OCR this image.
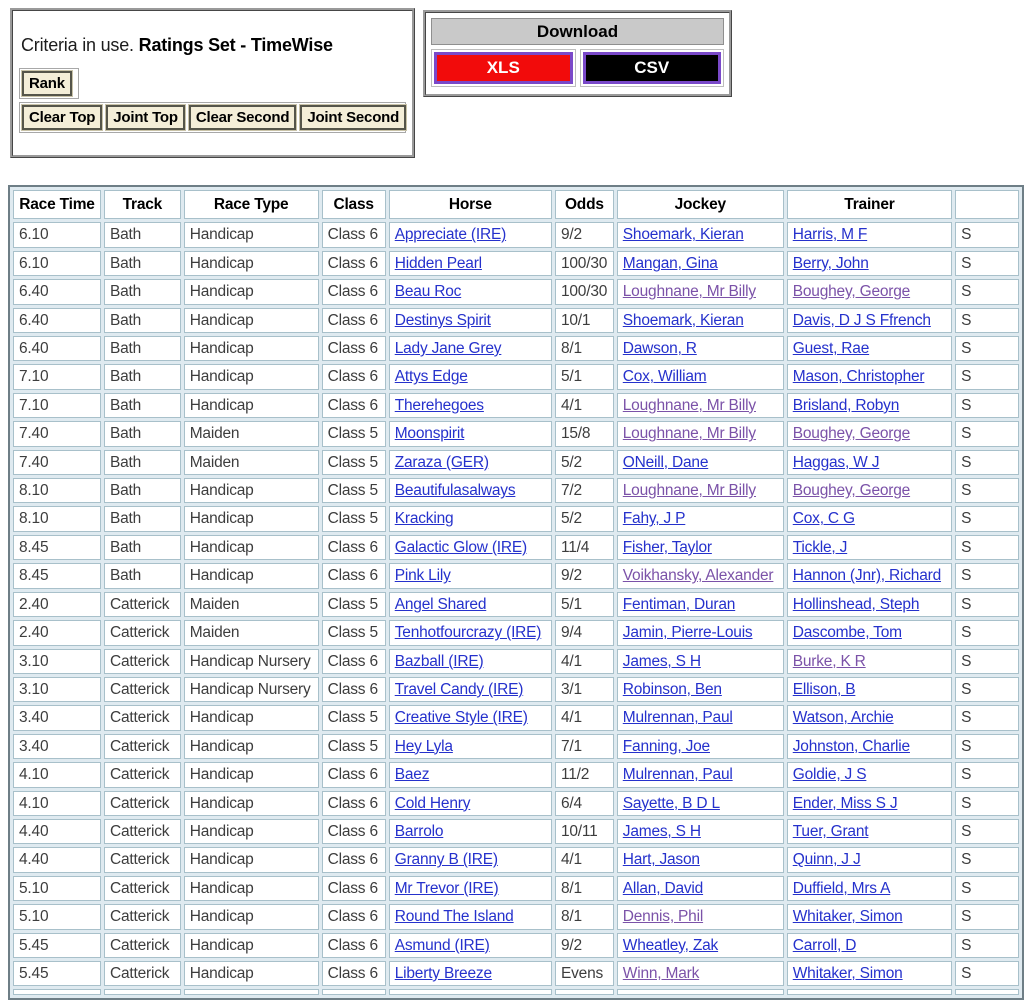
Criteria in use. Ratings Set - TimeWise
Rank
Clear Top Joint Top Clear Second Joint Second
Download
XLS	CSV
Race Time	Track	Race Type	Class	Horse	Odds	Jockey	Trainer	
6.10	Bath	Handicap	Class 6	Appreciate (IRE)	9/2	Shoemark, Kieran	Harris, M F	S
6.10	Bath	Handicap	Class 6	Hidden Pearl	100/30	Mangan, Gina	Berry, John	S
6.40	Bath	Handicap	Class 6	Beau Roc	100/30	Loughnane, Mr Billy	Boughey, George	S
6.40	Bath	Handicap	Class 6	Destinys Spirit	10/1	Shoemark, Kieran	Davis, D J S Ffrench	S
6.40	Bath	Handicap	Class 6	Lady Jane Grey	8/1	Dawson, R	Guest, Rae	S
7.10	Bath	Handicap	Class 6	Attys Edge	5/1	Cox, William	Mason, Christopher	S
7.10	Bath	Handicap	Class 6	Therehegoes	4/1	Loughnane, Mr Billy	Brisland, Robyn	S
7.40	Bath	Maiden	Class 5	Moonspirit	15/8	Loughnane, Mr Billy	Boughey, George	S
7.40	Bath	Maiden	Class 5	Zaraza (GER)	5/2	ONeill, Dane	Haggas, W J	S
8.10	Bath	Handicap	Class 5	Beautifulasalways	7/2	Loughnane, Mr Billy	Boughey, George	S
8.10	Bath	Handicap	Class 5	Kracking	5/2	Fahy, J P	Cox, C G	S
8.45	Bath	Handicap	Class 6	Galactic Glow (IRE)	11/4	Fisher, Taylor	Tickle, J	S
8.45	Bath	Handicap	Class 6	Pink Lily	9/2	Voikhansky, Alexander	Hannon (Jnr), Richard	S
2.40	Catterick	Maiden	Class 5	Angel Shared	5/1	Fentiman, Duran	Hollinshead, Steph	S
2.40	Catterick	Maiden	Class 5	Tenhotfourcrazy (IRE)	9/4	Jamin, Pierre-Louis	Dascombe, Tom	S
3.10	Catterick	Handicap Nursery	Class 6	Bazball (IRE)	4/1	James, S H	Burke, K R	S
3.10	Catterick	Handicap Nursery	Class 6	Travel Candy (IRE)	3/1	Robinson, Ben	Ellison, B	S
3.40	Catterick	Handicap	Class 5	Creative Style (IRE)	4/1	Mulrennan, Paul	Watson, Archie	S
3.40	Catterick	Handicap	Class 5	Hey Lyla	7/1	Fanning, Joe	Johnston, Charlie	S
4.10	Catterick	Handicap	Class 6	Baez	11/2	Mulrennan, Paul	Goldie, J S	S
4.10	Catterick	Handicap	Class 6	Cold Henry	6/4	Sayette, B D L	Ender, Miss S J	S
4.40	Catterick	Handicap	Class 6	Barrolo	10/11	James, S H	Tuer, Grant	S
4.40	Catterick	Handicap	Class 6	Granny B (IRE)	4/1	Hart, Jason	Quinn, J J	S
5.10	Catterick	Handicap	Class 6	Mr Trevor (IRE)	8/1	Allan, David	Duffield, Mrs A	S
5.10	Catterick	Handicap	Class 6	Round The Island	8/1	Dennis, Phil	Whitaker, Simon	S
5.45	Catterick	Handicap	Class 6	Asmund (IRE)	9/2	Wheatley, Zak	Carroll, D	S
5.45	Catterick	Handicap	Class 6	Liberty Breeze	Evens	Winn, Mark	Whitaker, Simon	S
